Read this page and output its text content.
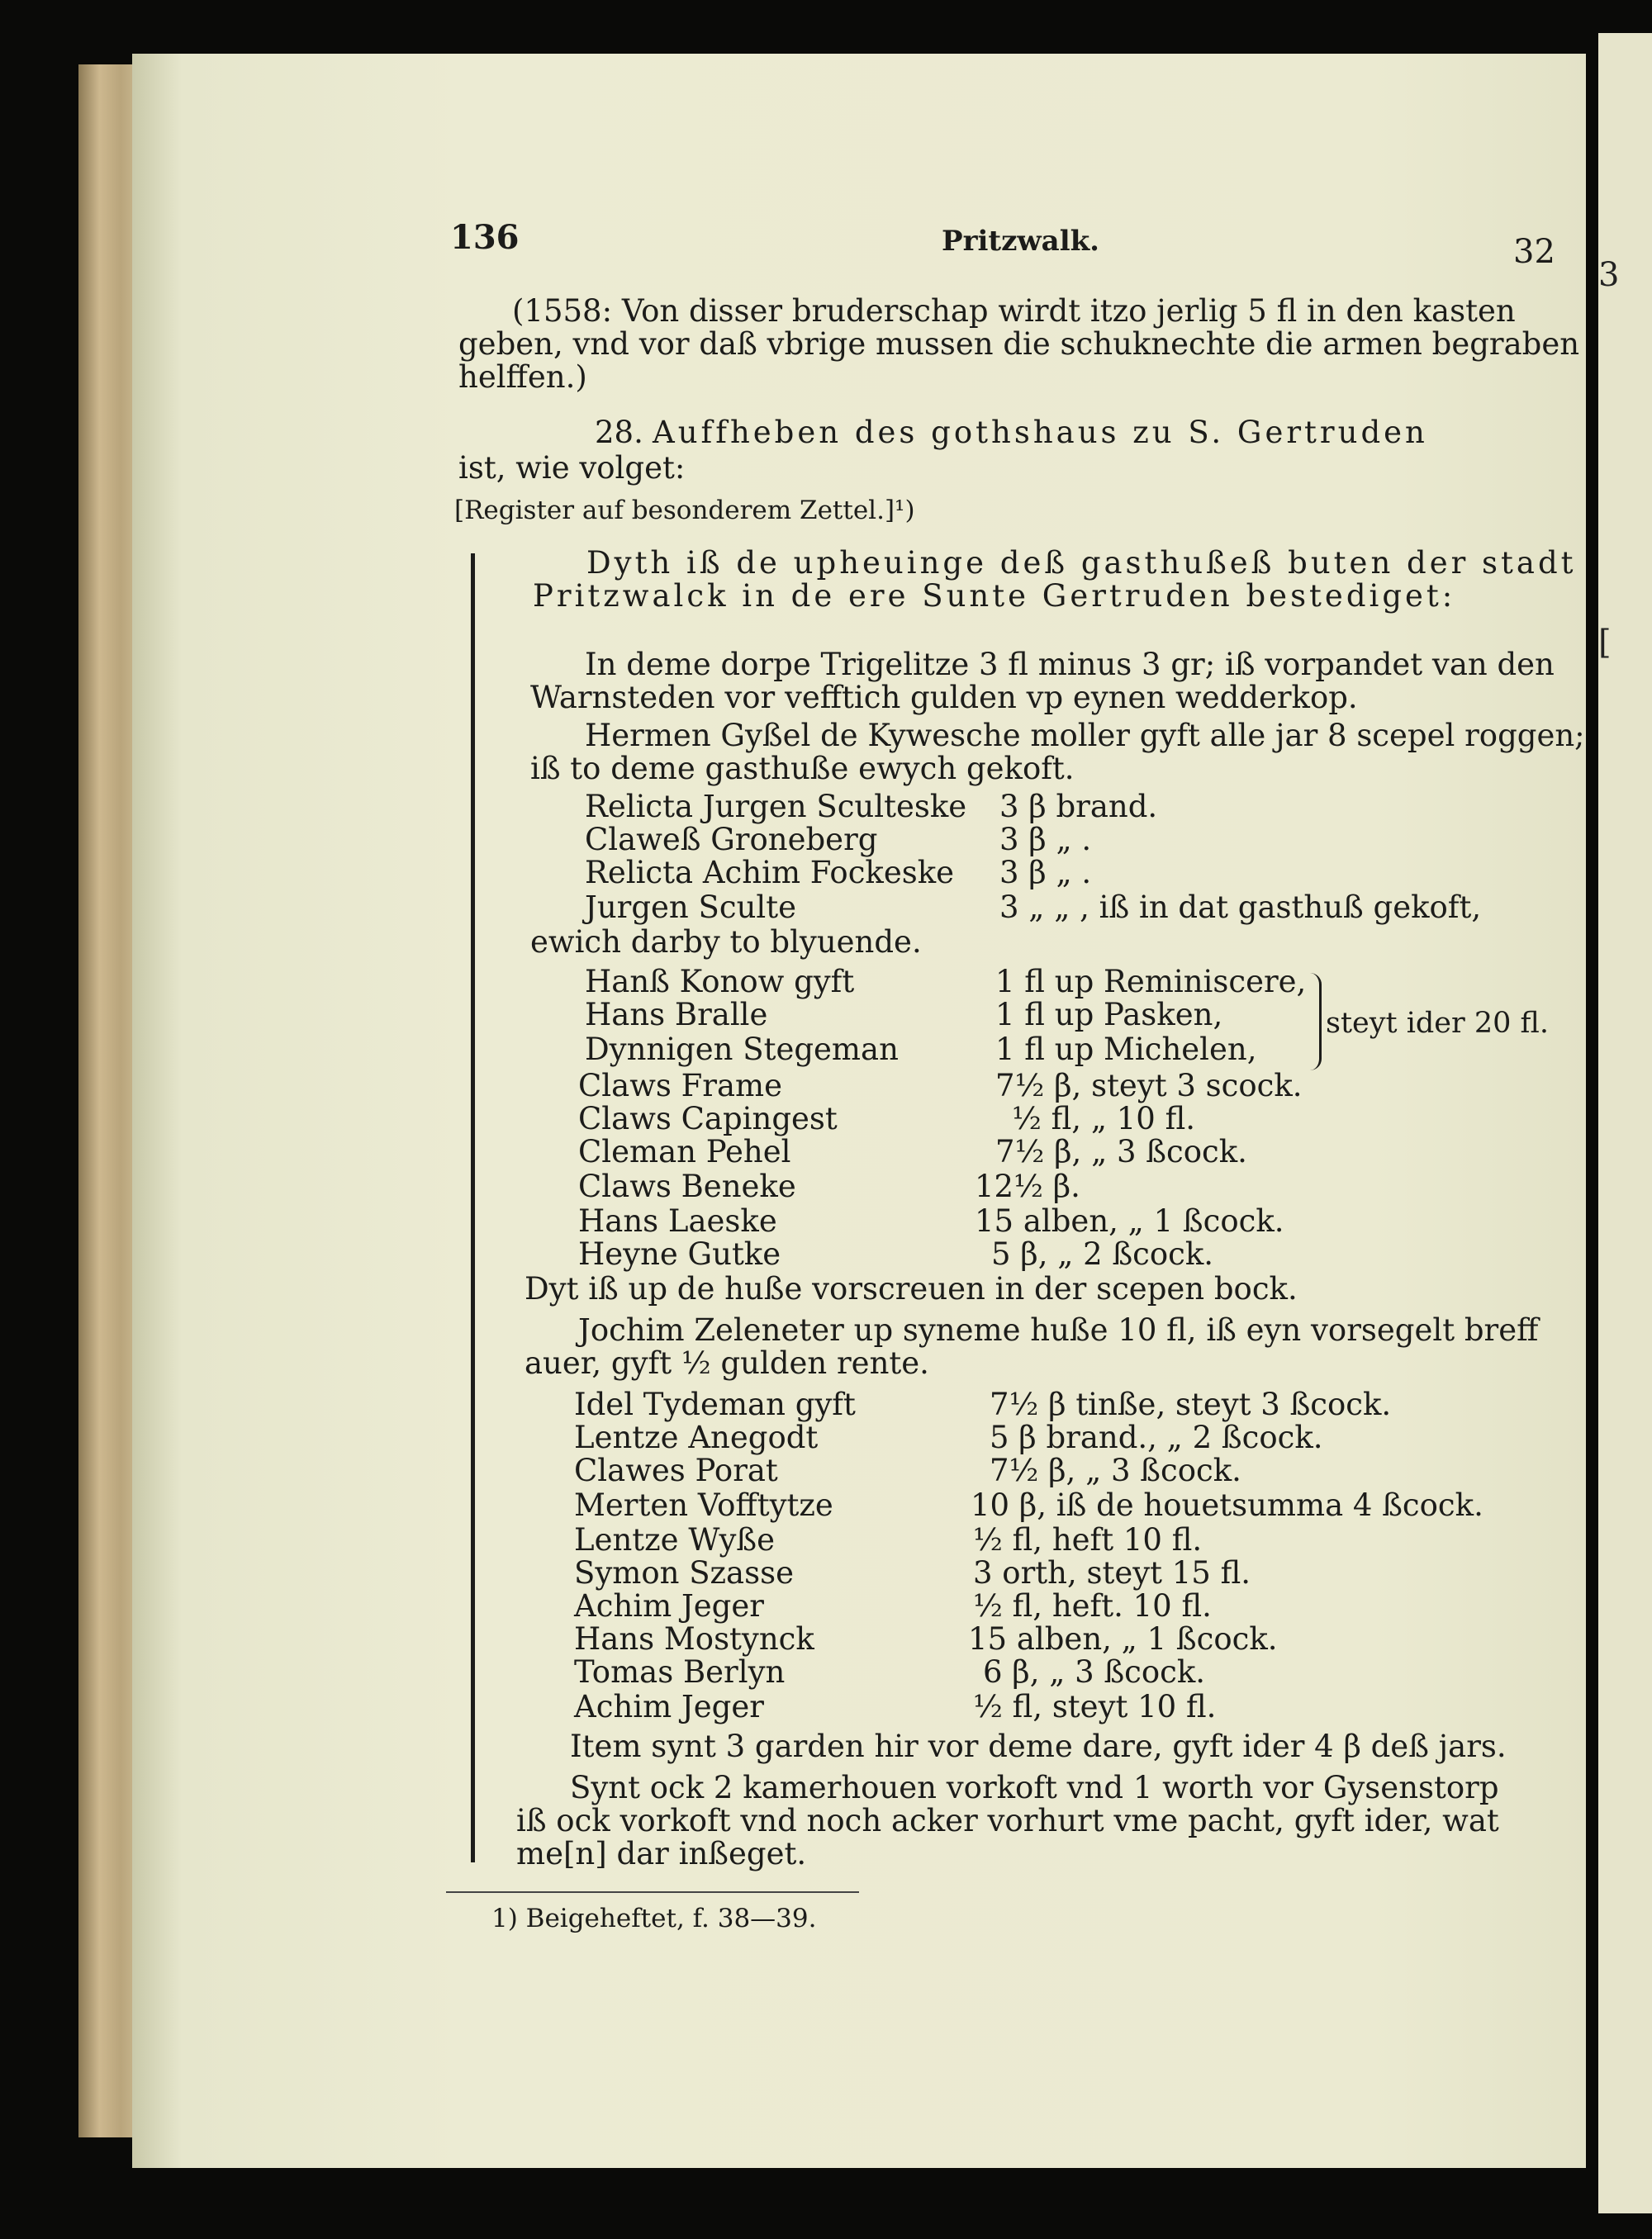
3
[
136	Pritzwalk.	32
(1558: Von disser bruderschap wirdt itzo jerlig 5 fl in den kasten
geben, vnd vor daß vbrige mussen die schuknechte die armen begraben
helffen.)
28. Auffheben des gothshaus zu S. Gertruden
ist, wie volget:
[Register auf besonderem Zettel.]¹)
Dyth iß de upheuinge deß gasthußeß buten der stadt
Pritzwalck in de ere Sunte Gertruden bestediget:
In deme dorpe Trigelitze 3 fl minus 3 gr; iß vorpandet van den
Warnsteden vor vefftich gulden vp eynen wedderkop.
Hermen Gyßel de Kywesche moller gyft alle jar 8 scepel roggen;
iß to deme gasthuße ewych gekoft.
Relicta Jurgen Sculteske 3 β brand.
Claweß Groneberg	3 β „ .
Relicta Achim Fockeske 3 β „ .
Jurgen Sculte	3 „ „ , iß in dat gasthuß gekoft,
ewich darby to blyuende.
Hanß Konow gyft	1 fl up Reminiscere,
Hans Bralle	1 fl up Pasken,
Dynnigen Stegeman	1 fl up Michelen,
steyt ider 20 fl.
Claws Frame	7½ β, steyt 3 scock.
Claws Capingest	½ fl, „ 10 fl.
Cleman Pehel	7½ β, „ 3 ßcock.
Claws Beneke	12½ β.
Hans Laeske	15 alben, „ 1 ßcock.
Heyne Gutke	5 β, „ 2 ßcock.
Dyt iß up de huße vorscreuen in der scepen bock.
Jochim Zeleneter up syneme huße 10 fl, iß eyn vorsegelt breff
auer, gyft ½ gulden rente.
Idel Tydeman gyft	7½ β tinße, steyt 3 ßcock.
Lentze Anegodt	5 β brand., „ 2 ßcock.
Clawes Porat	7½ β, „ 3 ßcock.
Merten Vofftytze	10 β, iß de houetsumma 4 ßcock.
Lentze Wyße	½ fl, heft 10 fl.
Symon Szasse	3 orth, steyt 15 fl.
Achim Jeger	½ fl, heft. 10 fl.
Hans Mostynck	15 alben, „ 1 ßcock.
Tomas Berlyn	6 β, „ 3 ßcock.
Achim Jeger	½ fl, steyt 10 fl.
Item synt 3 garden hir vor deme dare, gyft ider 4 β deß jars.
Synt ock 2 kamerhouen vorkoft vnd 1 worth vor Gysenstorp
iß ock vorkoft vnd noch acker vorhurt vme pacht, gyft ider, wat
me[n] dar inßeget.
1) Beigeheftet, f. 38—39.
